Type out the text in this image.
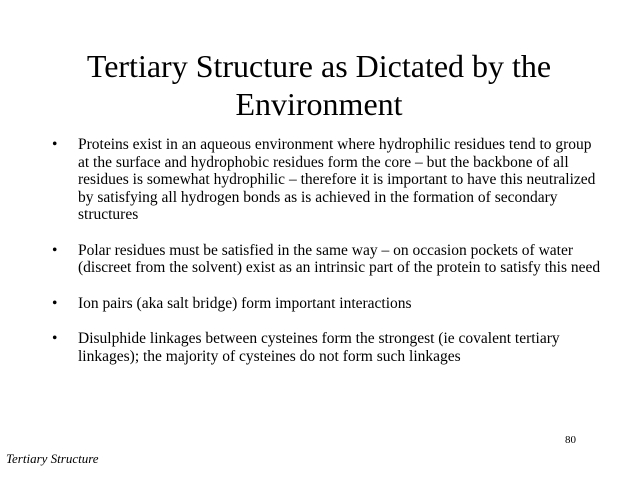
Tertiary Structure as Dictated by the Environment
• Proteins exist in an aqueous environment where hydrophilic residues tend to group at the surface and hydrophobic residues form the core – but the backbone of all residues is somewhat hydrophilic – therefore it is important to have this neutralized by satisfying all hydrogen bonds as is achieved in the formation of secondary structures
• Polar residues must be satisfied in the same way – on occasion pockets of water (discreet from the solvent) exist as an intrinsic part of the protein to satisfy this need
• Ion pairs (aka salt bridge) form important interactions
• Disulphide linkages between cysteines form the strongest (ie covalent tertiary linkages); the majority of cysteines do not form such linkages
80
Tertiary Structure
